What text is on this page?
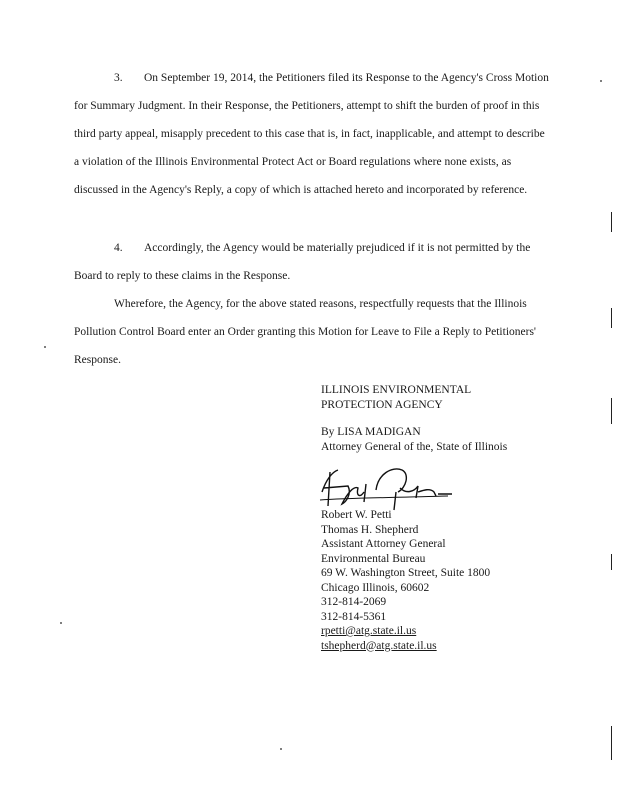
3. On September 19, 2014, the Petitioners filed its Response to the Agency's Cross Motion for Summary Judgment. In their Response, the Petitioners, attempt to shift the burden of proof in this third party appeal, misapply precedent to this case that is, in fact, inapplicable, and attempt to describe a violation of the Illinois Environmental Protect Act or Board regulations where none exists, as discussed in the Agency's Reply, a copy of which is attached hereto and incorporated by reference.

4. Accordingly, the Agency would be materially prejudiced if it is not permitted by the Board to reply to these claims in the Response.

Wherefore, the Agency, for the above stated reasons, respectfully requests that the Illinois Pollution Control Board enter an Order granting this Motion for Leave to File a Reply to Petitioners' Response.

ILLINOIS ENVIRONMENTAL
PROTECTION AGENCY
By LISA MADIGAN
Attorney General of the, State of Illinois
Robert W. Petti
Thomas H. Shepherd
Assistant Attorney General
Environmental Bureau
69 W. Washington Street, Suite 1800
Chicago Illinois, 60602
312-814-2069
312-814-5361
rpetti@atg.state.il.us
tshepherd@atg.state.il.us
